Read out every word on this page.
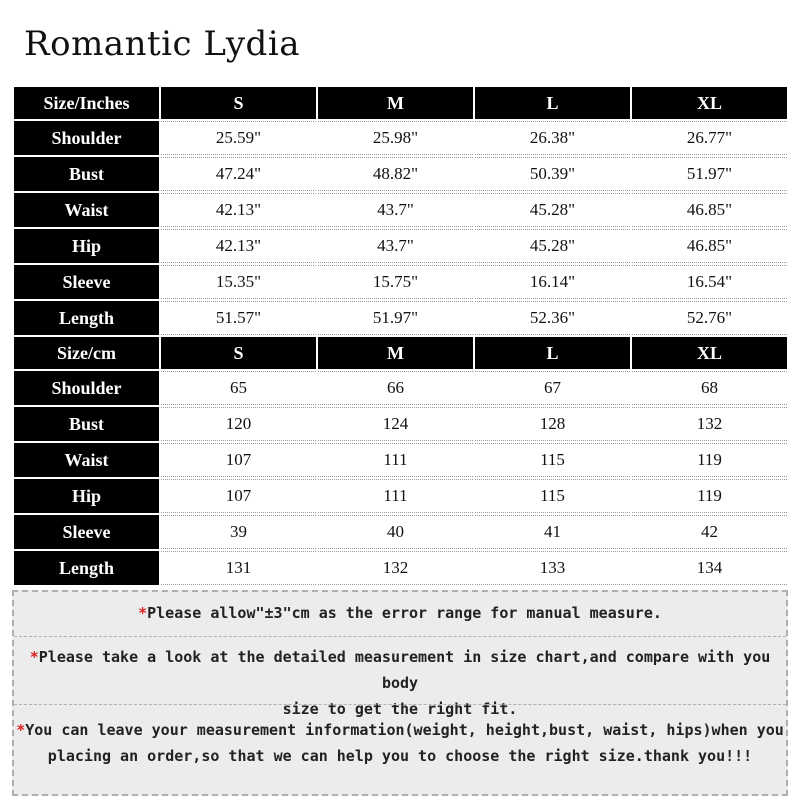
Romantic Lydia
Size/Inches	S	M	L	XL
Shoulder	25.59"	25.98"	26.38"	26.77"
Bust	47.24"	48.82"	50.39"	51.97"
Waist	42.13"	43.7"	45.28"	46.85"
Hip	42.13"	43.7"	45.28"	46.85"
Sleeve	15.35"	15.75"	16.14"	16.54"
Length	51.57"	51.97"	52.36"	52.76"
Size/cm	S	M	L	XL
Shoulder	65	66	67	68
Bust	120	124	128	132
Waist	107	111	115	119
Hip	107	111	115	119
Sleeve	39	40	41	42
Length	131	132	133	134
*Please allow"±3"cm as the error range for manual measure.
*Please take a look at the detailed measurement in size chart,and compare with you body
size to get the right fit.
*You can leave your measurement information(weight, height,bust, waist, hips)when you
placing an order,so that we can help you to choose the right size.thank you!!!
